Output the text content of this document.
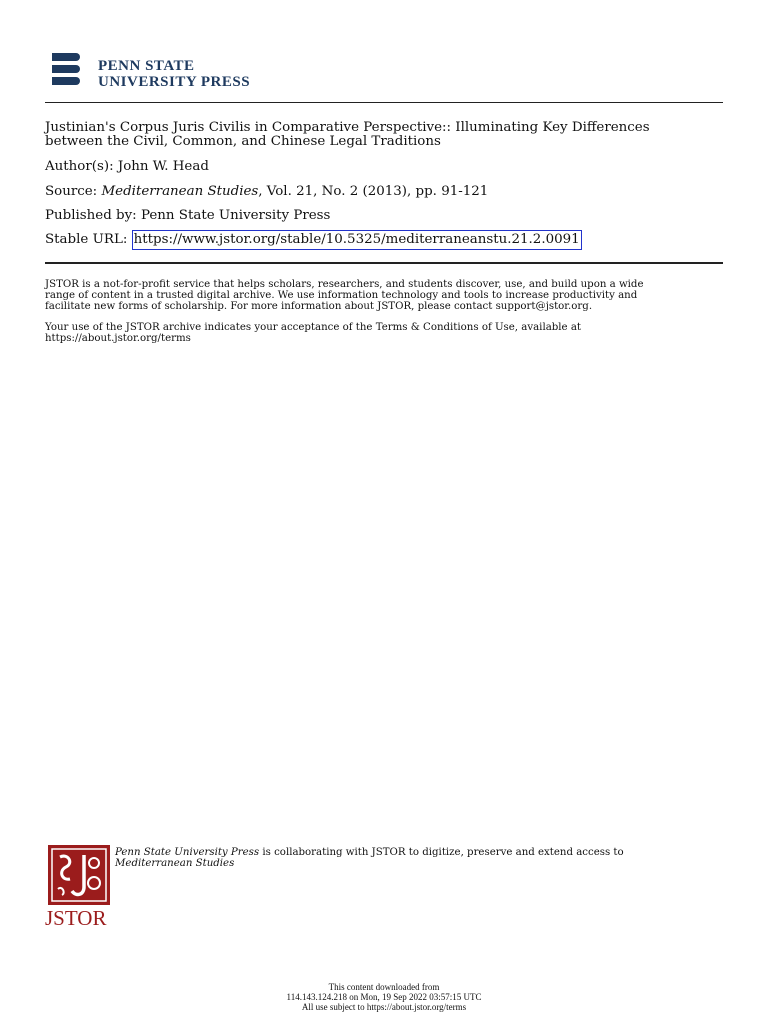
PENN STATE
UNIVERSITY PRESS
Justinian's Corpus Juris Civilis in Comparative Perspective:: Illuminating Key Differences
between the Civil, Common, and Chinese Legal Traditions
Author(s): John W. Head
Source: Mediterranean Studies, Vol. 21, No. 2 (2013), pp. 91-121
Published by: Penn State University Press
Stable URL: https://www.jstor.org/stable/10.5325/mediterraneanstu.21.2.0091
JSTOR is a not-for-profit service that helps scholars, researchers, and students discover, use, and build upon a wide
range of content in a trusted digital archive. We use information technology and tools to increase productivity and
facilitate new forms of scholarship. For more information about JSTOR, please contact support@jstor.org.
Your use of the JSTOR archive indicates your acceptance of the Terms & Conditions of Use, available at
https://about.jstor.org/terms
JSTOR
Penn State University Press is collaborating with JSTOR to digitize, preserve and extend access to
Mediterranean Studies
This content downloaded from
114.143.124.218 on Mon, 19 Sep 2022 03:57:15 UTC
All use subject to https://about.jstor.org/terms
